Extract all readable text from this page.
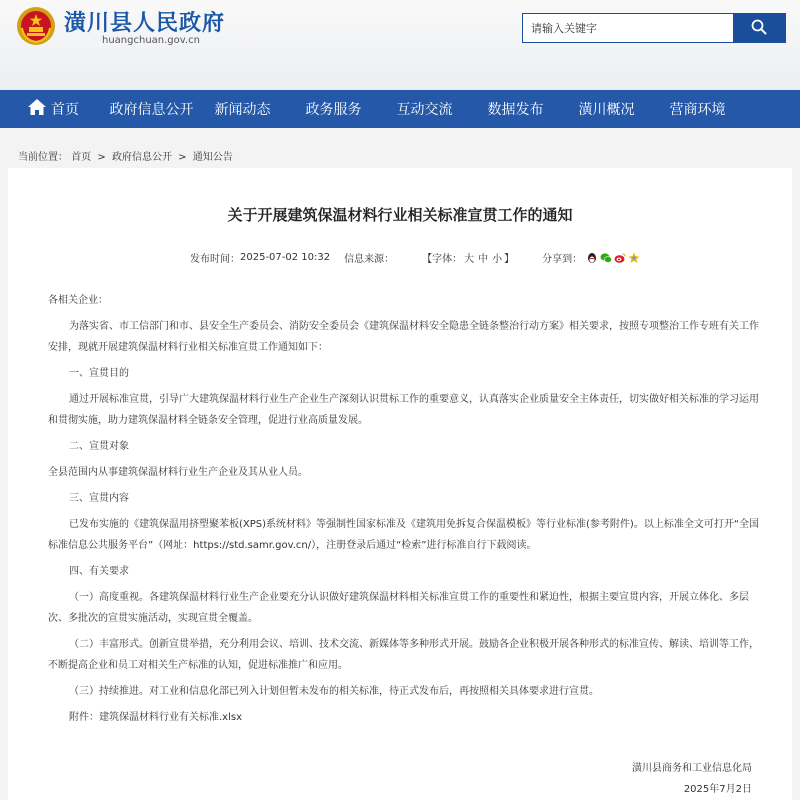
潢川县人民政府
huangchuan.gov.cn
请输入关键字
首页 政府信息公开	新闻动态	政务服务	互动交流	数据发布	潢川概况	营商环境
当前位置： 首页 > 政府信息公开 > 通知公告
关于开展建筑保温材料行业相关标准宣贯工作的通知
发布时间： 2025-07-02 10:32 信息来源：	【字体： 大 中 小 】	分享到：

各相关企业：

为落实省、市工信部门和市、县安全生产委员会、消防安全委员会《建筑保温材料安全隐患全链条整治行动方案》相关要求，按照专项整治工作专班有关工作安排，现就开展建筑保温材料行业相关标准宣贯工作通知如下：

一、宣贯目的

通过开展标准宣贯，引导广大建筑保温材料行业生产企业生产深刻认识贯标工作的重要意义，认真落实企业质量安全主体责任，切实做好相关标准的学习运用和贯彻实施，助力建筑保温材料全链条安全管理，促进行业高质量发展。

二、宣贯对象

全县范围内从事建筑保温材料行业生产企业及其从业人员。

三、宣贯内容

已发布实施的《建筑保温用挤塑聚苯板(XPS)系统材料》等强制性国家标准及《建筑用免拆复合保温模板》等行业标准(参考附件)。以上标准全文可打开“全国标准信息公共服务平台”（网址：https://std.samr.gov.cn/），注册登录后通过“检索”进行标准自行下载阅读。

四、有关要求

（一）高度重视。各建筑保温材料行业生产企业要充分认识做好建筑保温材料相关标准宣贯工作的重要性和紧迫性，根据主要宣贯内容，开展立体化、多层次、多批次的宣贯实施活动，实现宣贯全覆盖。

（二）丰富形式。创新宣贯举措，充分利用会议、培训、技术交流、新媒体等多种形式开展。鼓励各企业积极开展各种形式的标准宣传、解读、培训等工作，不断提高企业和员工对相关生产标准的认知，促进标准推广和应用。

（三）持续推进。对工业和信息化部已列入计划但暂未发布的相关标准，待正式发布后，再按照相关具体要求进行宣贯。

附件：建筑保温材料行业有关标准.xlsx

潢川县商务和工业信息化局
2025年7月2日
